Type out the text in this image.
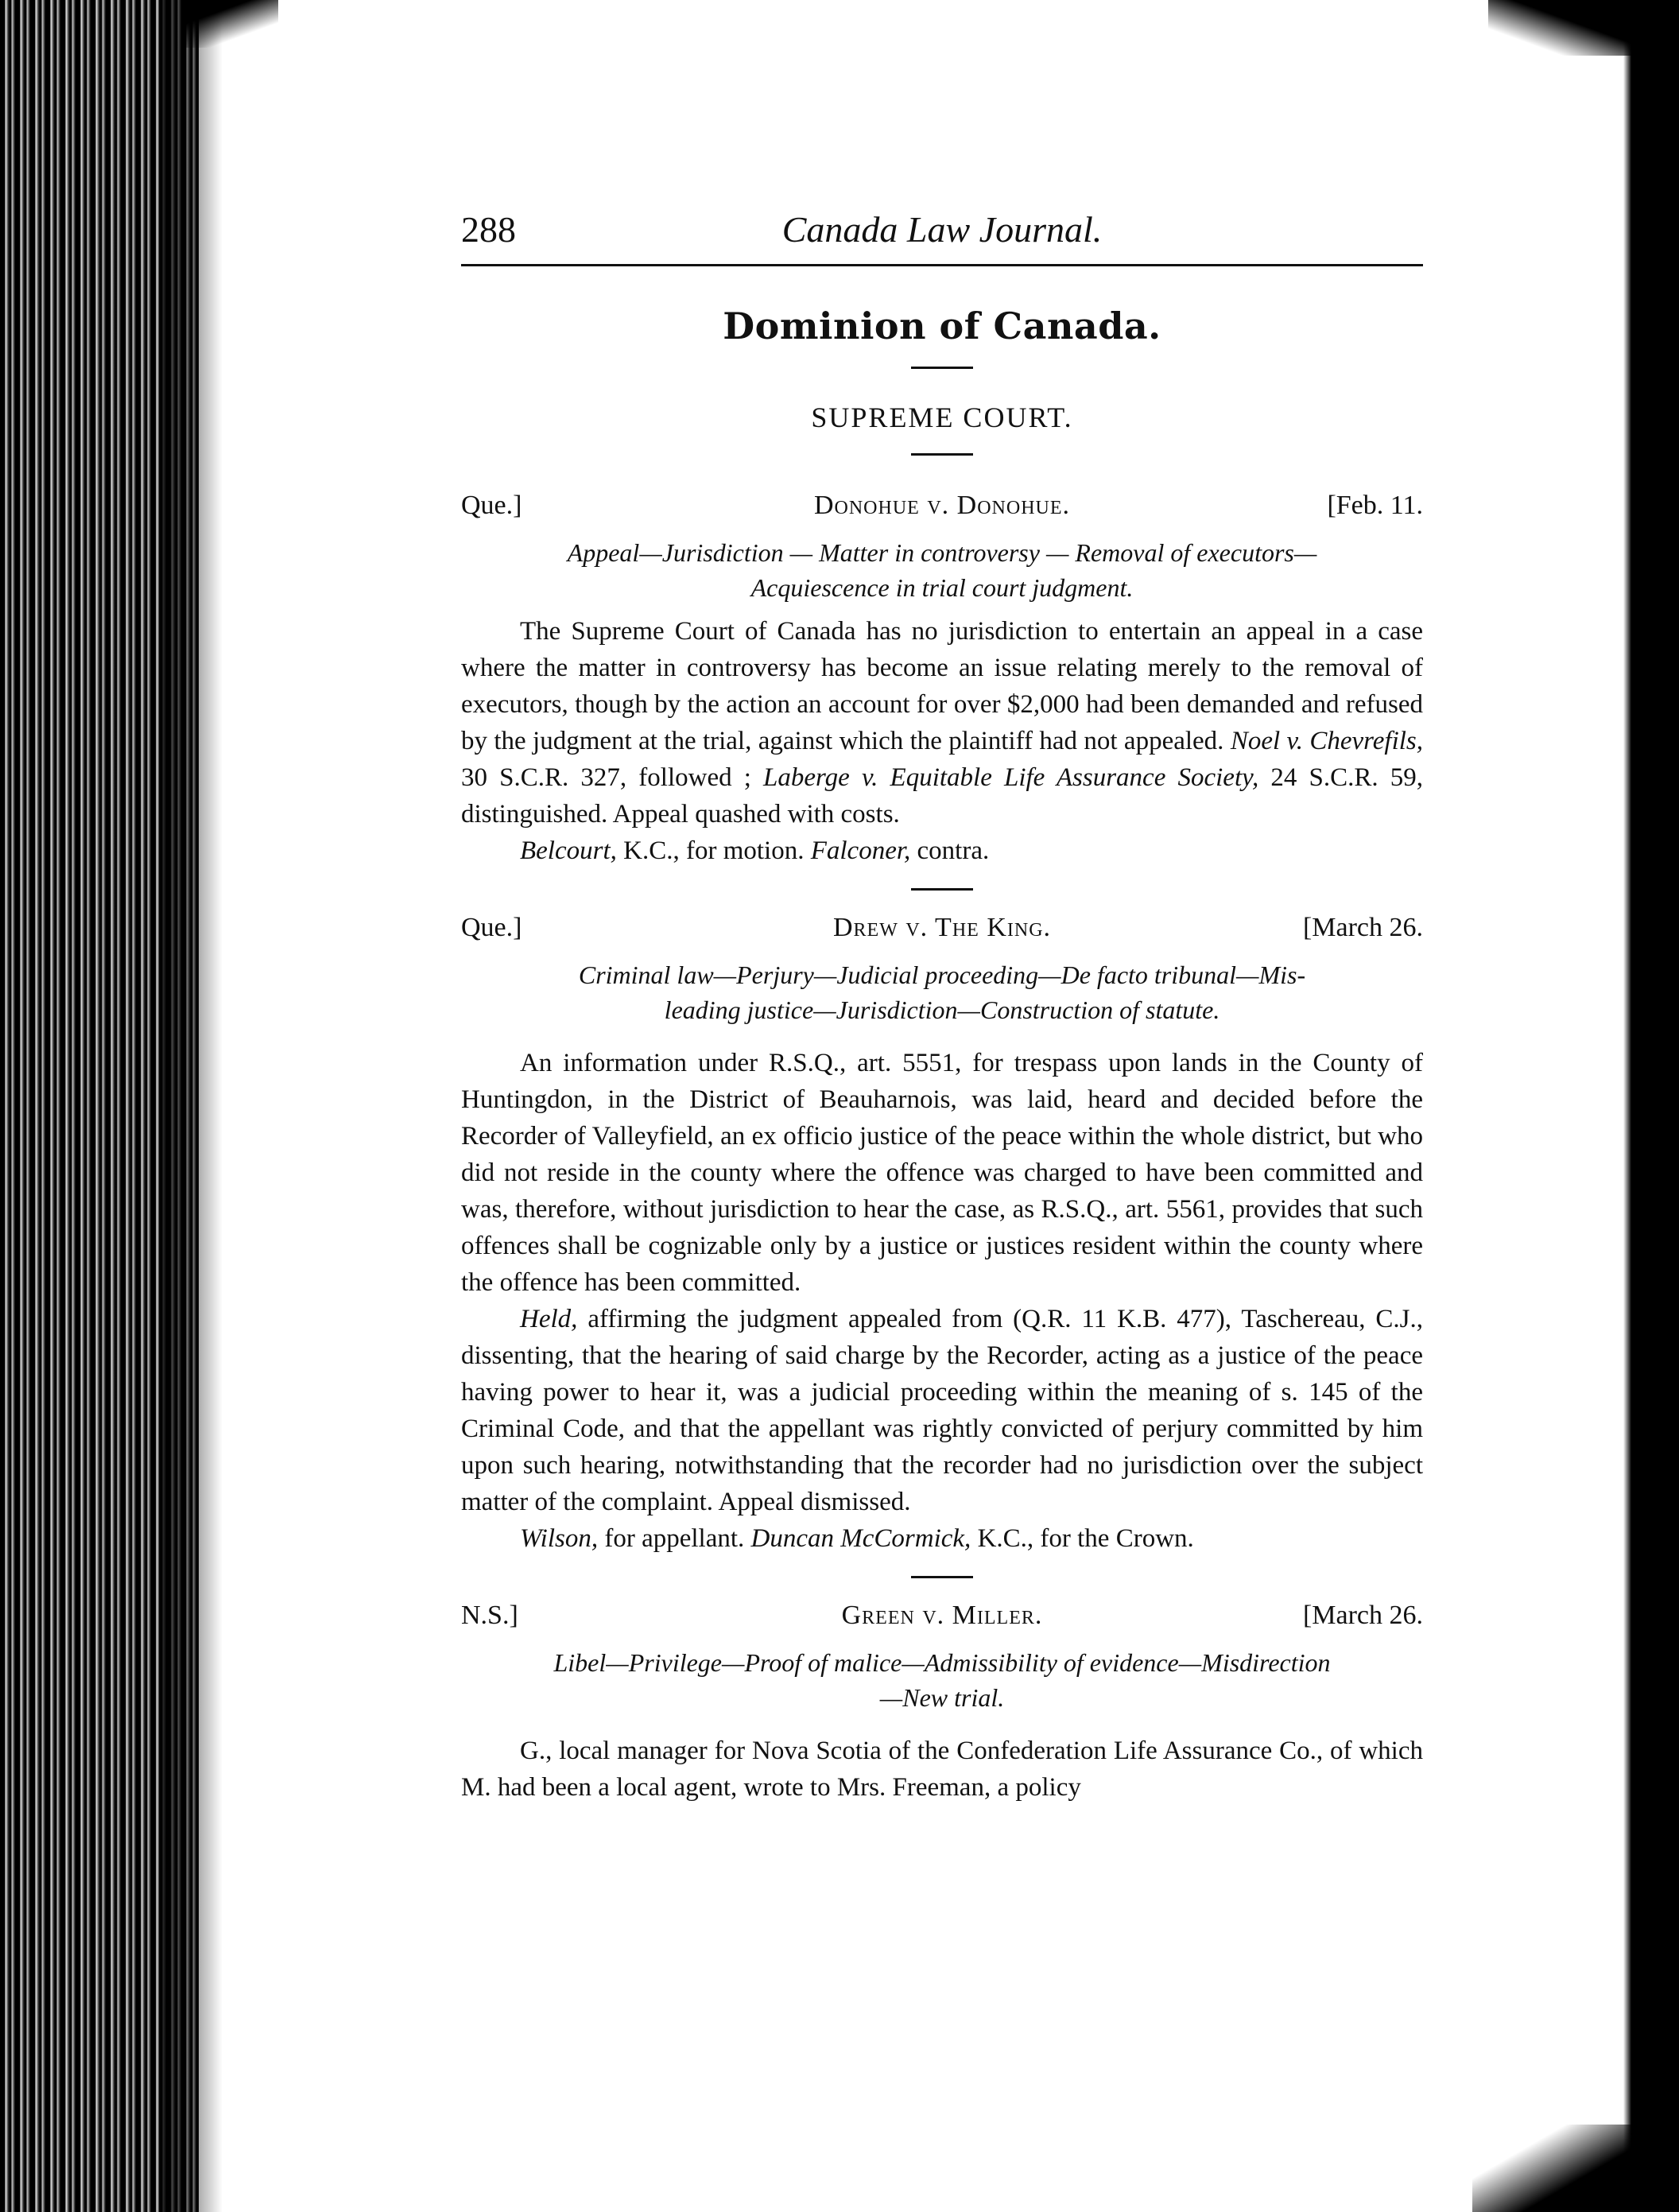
288	Canada Law Journal.
Dominion of Canada.
SUPREME COURT.
Que.]	Donohue v. Donohue.	[Feb. 11.
Appeal—Jurisdiction — Matter in controversy — Removal of executors—
Acquiescence in trial court judgment.

The Supreme Court of Canada has no jurisdiction to entertain an appeal in a case where the matter in controversy has become an issue relating merely to the removal of executors, though by the action an account for over $2,000 had been demanded and refused by the judgment at the trial, against which the plaintiff had not appealed. Noel v. Chevrefils, 30 S.C.R. 327, followed ; Laberge v. Equitable Life Assurance Society, 24 S.C.R. 59, distinguished. Appeal quashed with costs.

Belcourt, K.C., for motion. Falconer, contra.

Que.]	Drew v. The King.	[March 26.
Criminal law—Perjury—Judicial proceeding—De facto tribunal—Mis-
leading justice—Jurisdiction—Construction of statute.

An information under R.S.Q., art. 5551, for trespass upon lands in the County of Huntingdon, in the District of Beauharnois, was laid, heard and decided before the Recorder of Valleyfield, an ex officio justice of the peace within the whole district, but who did not reside in the county where the offence was charged to have been committed and was, therefore, without jurisdiction to hear the case, as R.S.Q., art. 5561, provides that such offences shall be cognizable only by a justice or justices resident within the county where the offence has been committed.

Held, affirming the judgment appealed from (Q.R. 11 K.B. 477), Taschereau, C.J., dissenting, that the hearing of said charge by the Recorder, acting as a justice of the peace having power to hear it, was a judicial proceeding within the meaning of s. 145 of the Criminal Code, and that the appellant was rightly convicted of perjury committed by him upon such hearing, notwithstanding that the recorder had no jurisdiction over the subject matter of the complaint. Appeal dismissed.

Wilson, for appellant. Duncan McCormick, K.C., for the Crown.

N.S.]	Green v. Miller.	[March 26.
Libel—Privilege—Proof of malice—Admissibility of evidence—Misdirection
—New trial.

G., local manager for Nova Scotia of the Confederation Life Assurance Co., of which M. had been a local agent, wrote to Mrs. Freeman, a policy
